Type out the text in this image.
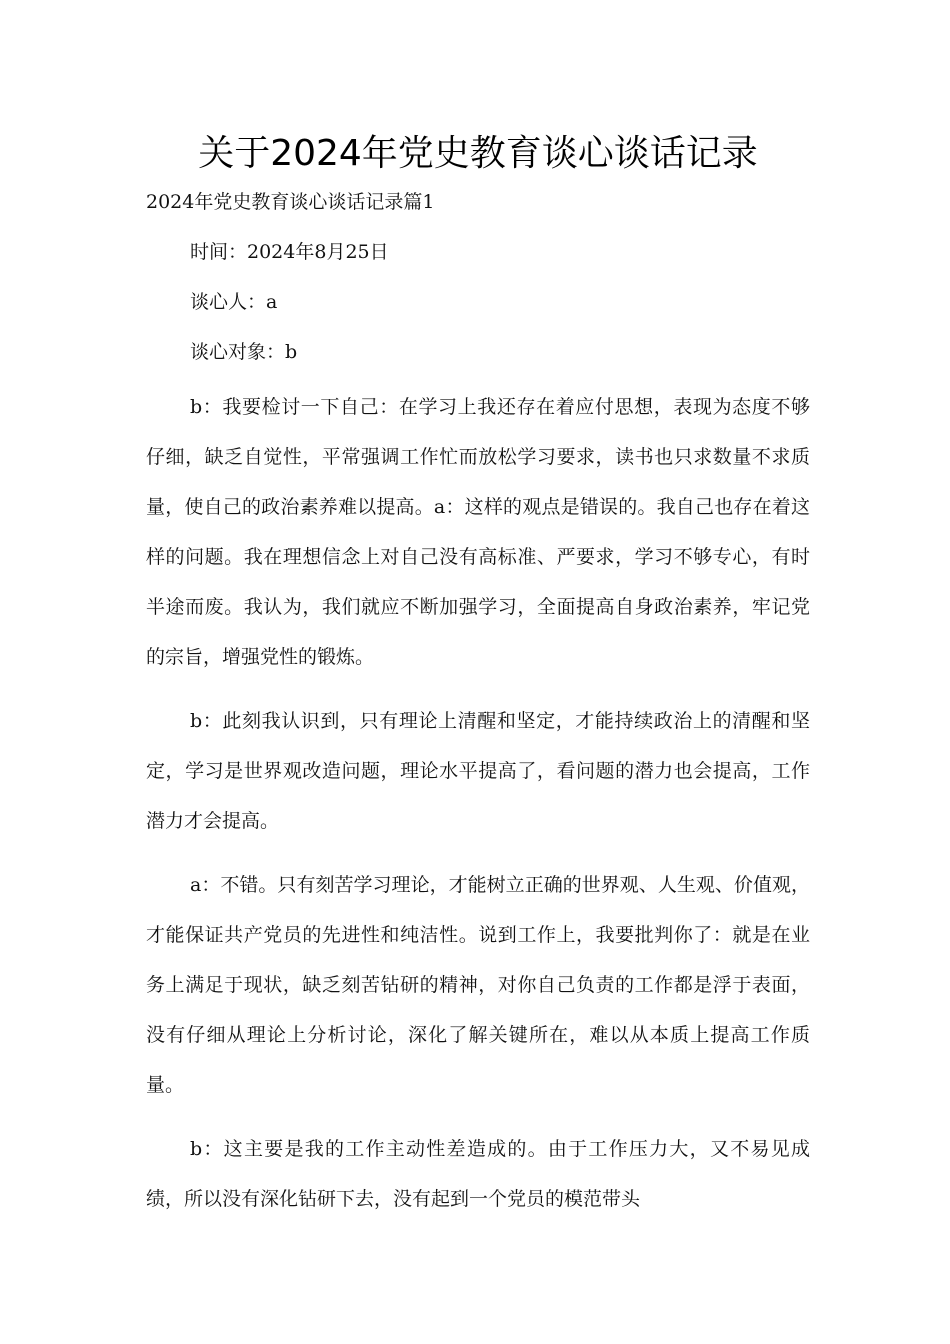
关于2024年党史教育谈心谈话记录

2024年党史教育谈心谈话记录篇1

时间：2024年8月25日

谈心人：a

谈心对象：b

b：我要检讨一下自己：在学习上我还存在着应付思想，表现为态度不够仔细，缺乏自觉性，平常强调工作忙而放松学习要求，读书也只求数量不求质量，使自己的政治素养难以提高。a：这样的观点是错误的。我自己也存在着这样的问题。我在理想信念上对自己没有高标准、严要求，学习不够专心，有时半途而废。我认为，我们就应不断加强学习，全面提高自身政治素养，牢记党的宗旨，增强党性的锻炼。

b：此刻我认识到，只有理论上清醒和坚定，才能持续政治上的清醒和坚定，学习是世界观改造问题，理论水平提高了，看问题的潜力也会提高，工作潜力才会提高。

a：不错。只有刻苦学习理论，才能树立正确的世界观、人生观、价值观，才能保证共产党员的先进性和纯洁性。说到工作上，我要批判你了：就是在业务上满足于现状，缺乏刻苦钻研的精神，对你自己负责的工作都是浮于表面，没有仔细从理论上分析讨论，深化了解关键所在，难以从本质上提高工作质量。

b：这主要是我的工作主动性差造成的。由于工作压力大，又不易见成绩，所以没有深化钻研下去，没有起到一个党员的模范带头
